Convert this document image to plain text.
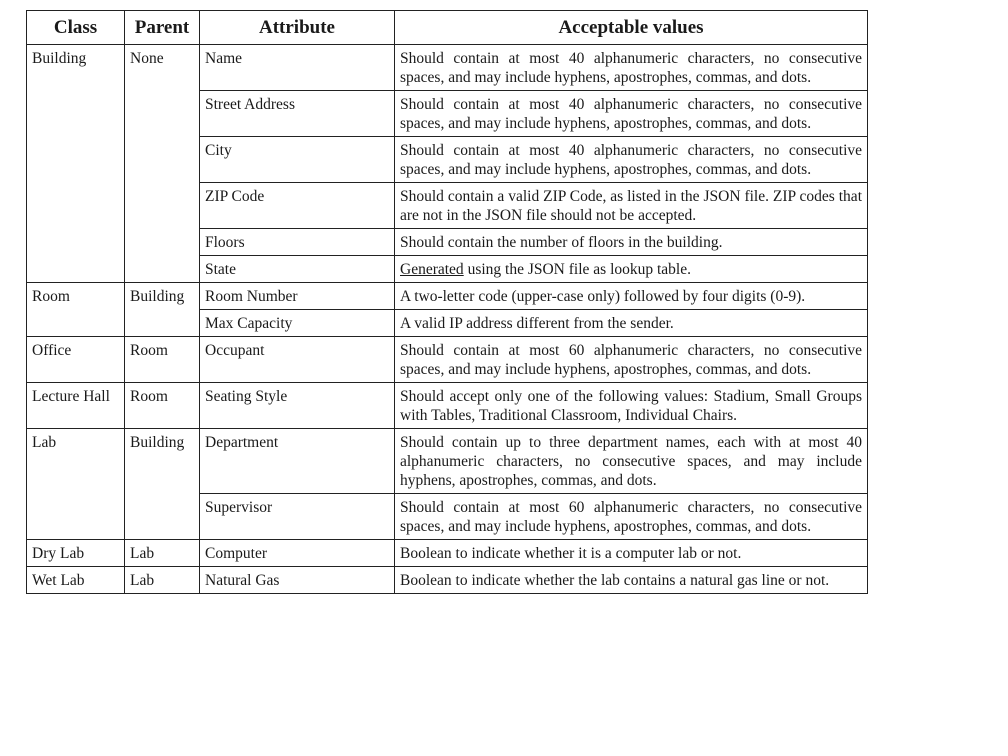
Class	Parent	Attribute	Acceptable values
Building	None	Name	Should contain at most 40 alphanumeric characters, no consecutive spaces, and may include hyphens, apostrophes, commas, and dots.
		Street Address	Should contain at most 40 alphanumeric characters, no consecutive spaces, and may include hyphens, apostrophes, commas, and dots.
		City	Should contain at most 40 alphanumeric characters, no consecutive spaces, and may include hyphens, apostrophes, commas, and dots.
		ZIP Code	Should contain a valid ZIP Code, as listed in the JSON file. ZIP codes that are not in the JSON file should not be accepted.
		Floors	Should contain the number of floors in the building.
		State	Generated using the JSON file as lookup table.
Room	Building	Room Number	A two-letter code (upper-case only) followed by four digits (0-9).
		Max Capacity	A valid IP address different from the sender.
Office	Room	Occupant	Should contain at most 60 alphanumeric characters, no consecutive spaces, and may include hyphens, apostrophes, commas, and dots.
Lecture Hall	Room	Seating Style	Should accept only one of the following values: Stadium, Small Groups with Tables, Traditional Classroom, Individual Chairs.
Lab	Building	Department	Should contain up to three department names, each with at most 40 alphanumeric characters, no consecutive spaces, and may include hyphens, apostrophes, commas, and dots.
		Supervisor	Should contain at most 60 alphanumeric characters, no consecutive spaces, and may include hyphens, apostrophes, commas, and dots.
Dry Lab	Lab	Computer	Boolean to indicate whether it is a computer lab or not.
Wet Lab	Lab	Natural Gas	Boolean to indicate whether the lab contains a natural gas line or not.
